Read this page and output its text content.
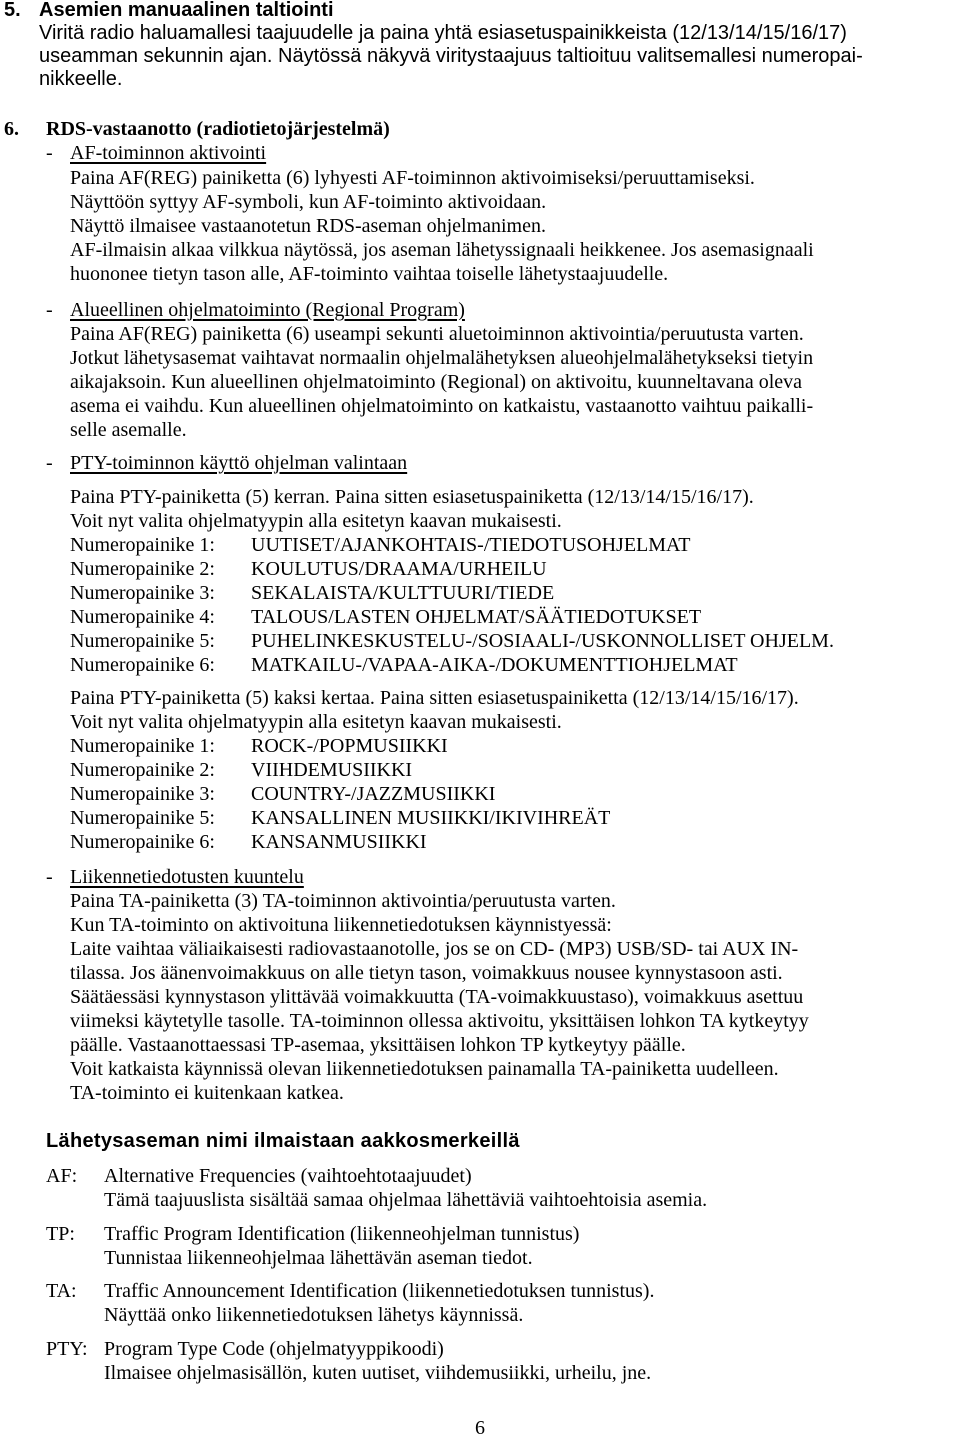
5. Asemien manuaalinen taltiointi
Viritä radio haluamallesi taajuudelle ja paina yhtä esiasetuspainikkeista (12/13/14/15/16/17)
useamman sekunnin ajan. Näytössä näkyvä viritystaajuus taltioituu valitsemallesi numeropai-
nikkeelle.
6. RDS-vastaanotto (radiotietojärjestelmä)
- AF-toiminnon aktivointi
Paina AF(REG) painiketta (6) lyhyesti AF-toiminnon aktivoimiseksi/peruuttamiseksi.
Näyttöön syttyy AF-symboli, kun AF-toiminto aktivoidaan.
Näyttö ilmaisee vastaanotetun RDS-aseman ohjelmanimen.
AF-ilmaisin alkaa vilkkua näytössä, jos aseman lähetyssignaali heikkenee. Jos asemasignaali
huononee tietyn tason alle, AF-toiminto vaihtaa toiselle lähetystaajuudelle.
- Alueellinen ohjelmatoiminto (Regional Program)
Paina AF(REG) painiketta (6) useampi sekunti aluetoiminnon aktivointia/peruutusta varten.
Jotkut lähetysasemat vaihtavat normaalin ohjelmalähetyksen alueohjelmalähetykseksi tietyin
aikajaksoin. Kun alueellinen ohjelmatoiminto (Regional) on aktivoitu, kuunneltavana oleva
asema ei vaihdu. Kun alueellinen ohjelmatoiminto on katkaistu, vastaanotto vaihtuu paikalli-
selle asemalle.
- PTY-toiminnon käyttö ohjelman valintaan
Paina PTY-painiketta (5) kerran. Paina sitten esiasetuspainiketta (12/13/14/15/16/17).
Voit nyt valita ohjelmatyypin alla esitetyn kaavan mukaisesti.
Numeropainike 1: UUTISET/AJANKOHTAIS-/TIEDOTUSOHJELMAT
Numeropainike 2: KOULUTUS/DRAAMA/URHEILU
Numeropainike 3: SEKALAISTA/KULTTUURI/TIEDE
Numeropainike 4: TALOUS/LASTEN OHJELMAT/SÄÄTIEDOTUKSET
Numeropainike 5: PUHELINKESKUSTELU-/SOSIAALI-/USKONNOLLISET OHJELM.
Numeropainike 6: MATKAILU-/VAPAA-AIKA-/DOKUMENTTIOHJELMAT
Paina PTY-painiketta (5) kaksi kertaa. Paina sitten esiasetuspainiketta (12/13/14/15/16/17).
Voit nyt valita ohjelmatyypin alla esitetyn kaavan mukaisesti.
Numeropainike 1: ROCK-/POPMUSIIKKI
Numeropainike 2: VIIHDEMUSIIKKI
Numeropainike 3: COUNTRY-/JAZZMUSIIKKI
Numeropainike 5: KANSALLINEN MUSIIKKI/IKIVIHREÄT
Numeropainike 6: KANSANMUSIIKKI
- Liikennetiedotusten kuuntelu
Paina TA-painiketta (3) TA-toiminnon aktivointia/peruutusta varten.
Kun TA-toiminto on aktivoituna liikennetiedotuksen käynnistyessä:
Laite vaihtaa väliaikaisesti radiovastaanotolle, jos se on CD- (MP3) USB/SD- tai AUX IN-
tilassa. Jos äänenvoimakkuus on alle tietyn tason, voimakkuus nousee kynnystasoon asti.
Säätäessäsi kynnystason ylittävää voimakkuutta (TA-voimakkuustaso), voimakkuus asettuu
viimeksi käytetylle tasolle. TA-toiminnon ollessa aktivoitu, yksittäisen lohkon TA kytkeytyy
päälle. Vastaanottaessasi TP-asemaa, yksittäisen lohkon TP kytkeytyy päälle.
Voit katkaista käynnissä olevan liikennetiedotuksen painamalla TA-painiketta uudelleen.
TA-toiminto ei kuitenkaan katkea.
Lähetysaseman nimi ilmaistaan aakkosmerkeillä
AF: Alternative Frequencies (vaihtoehtotaajuudet)
Tämä taajuuslista sisältää samaa ohjelmaa lähettäviä vaihtoehtoisia asemia.
TP: Traffic Program Identification (liikenneohjelman tunnistus)
Tunnistaa liikenneohjelmaa lähettävän aseman tiedot.
TA: Traffic Announcement Identification (liikennetiedotuksen tunnistus).
Näyttää onko liikennetiedotuksen lähetys käynnissä.
PTY: Program Type Code (ohjelmatyyppikoodi)
Ilmaisee ohjelmasisällön, kuten uutiset, viihdemusiikki, urheilu, jne.
6
